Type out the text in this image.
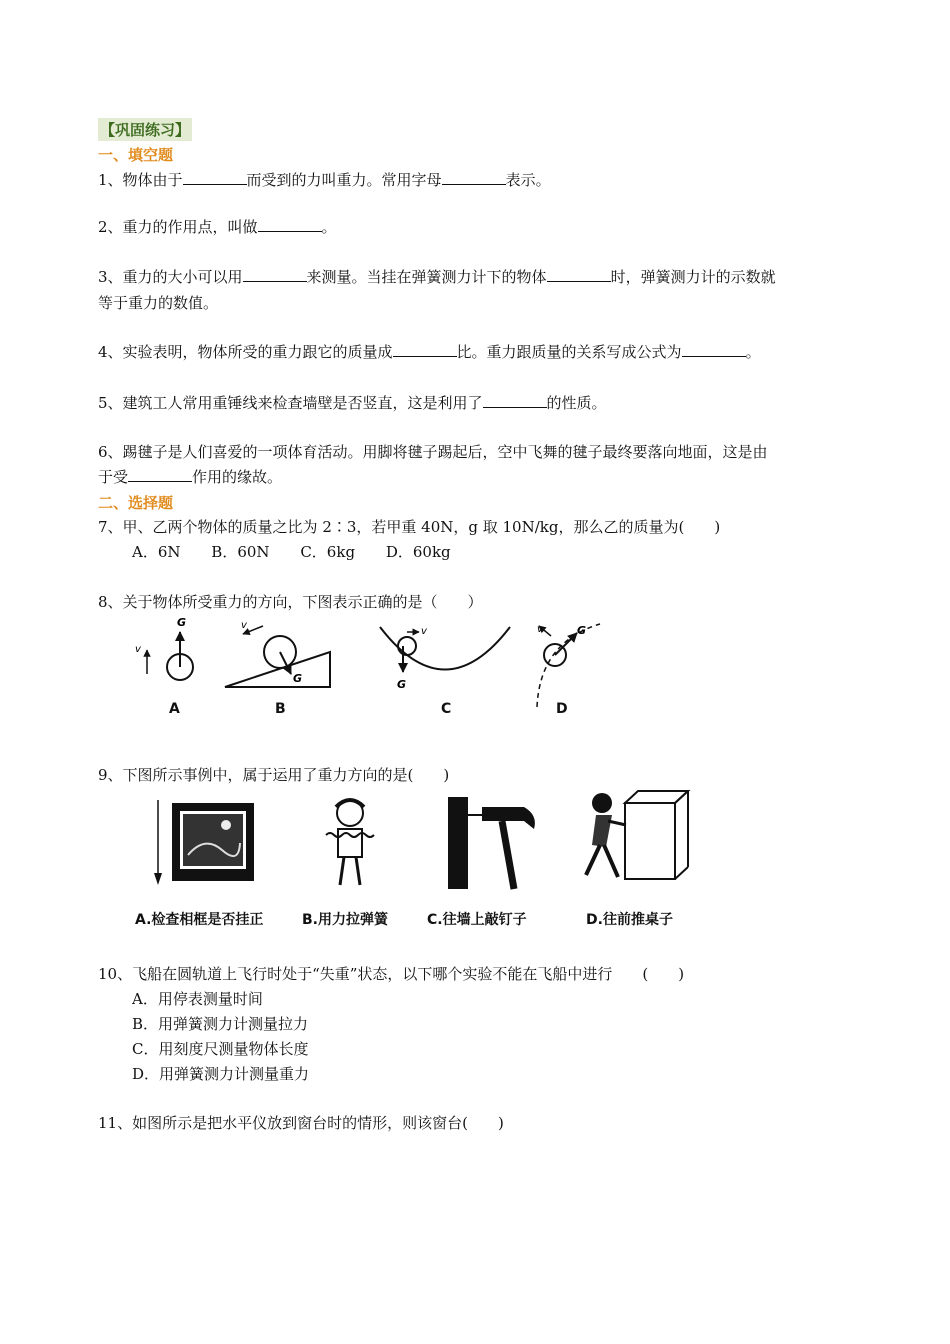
【巩固练习】
一、填空题
1、物体由于	而受到的力叫重力。常用字母	表示。
2、重力的作用点，叫做	。
3、重力的大小可以用	来测量。当挂在弹簧测力计下的物体	时，弹簧测力计的示数就
等于重力的数值。
4、实验表明，物体所受的重力跟它的质量成	比。重力跟质量的关系写成公式为	。
5、建筑工人常用重锤线来检查墙壁是否竖直，这是利用了	的性质。
6、踢毽子是人们喜爱的一项体育活动。用脚将毽子踢起后，空中飞舞的毽子最终要落向地面，这是由
于受	作用的缘故。
二、选择题
7、甲、乙两个物体的质量之比为 2∶3，若甲重 40N，g 取 10N/kg，那么乙的质量为(　　)
A．6N B．60N C．6kg D．60kg
8、关于物体所受重力的方向，下图表示正确的是（　　）
G
v
G
v
G
v	G
v
A	B	C	D
9、下图所示事例中，属于运用了重力方向的是(　　)
A.检查相框是否挂正	B.用力拉弹簧	C.往墙上敲钉子	D.往前推桌子
10、飞船在圆轨道上飞行时处于“失重”状态，以下哪个实验不能在飞船中进行　　(　　)
A．用停表测量时间
B．用弹簧测力计测量拉力
C．用刻度尺测量物体长度
D．用弹簧测力计测量重力
11、如图所示是把水平仪放到窗台时的情形，则该窗台(　　)
